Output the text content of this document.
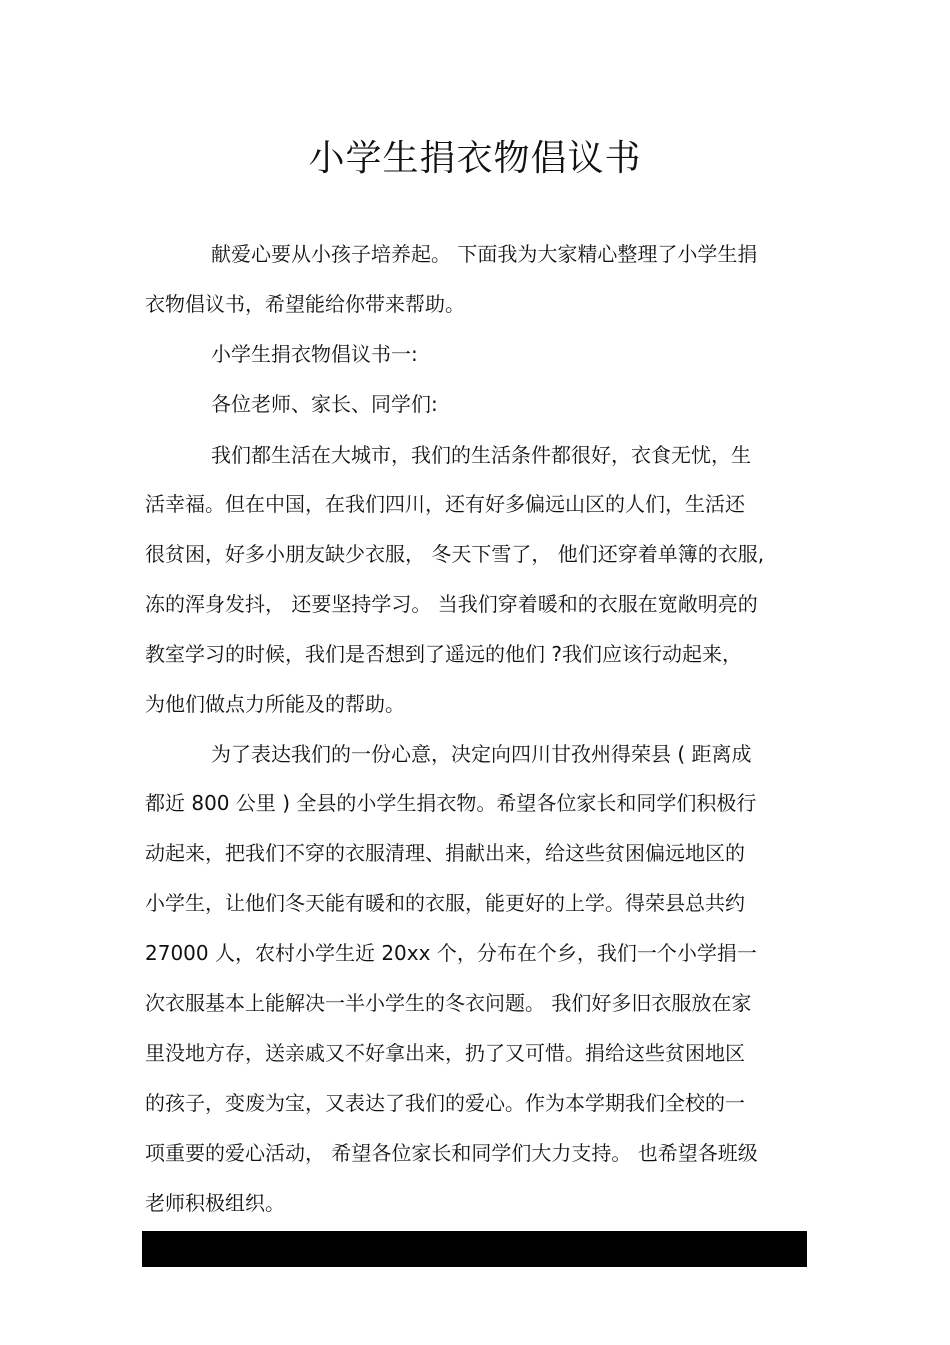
小学生捐衣物倡议书

献爱心要从小孩子培养起。 下面我为大家精心整理了小学生捐

衣物倡议书，希望能给你带来帮助。

小学生捐衣物倡议书一:

各位老师、家长、同学们:

我们都生活在大城市，我们的生活条件都很好，衣食无忧，生

活幸福。但在中国，在我们四川，还有好多偏远山区的人们，生活还

很贫困，好多小朋友缺少衣服， 冬天下雪了， 他们还穿着单簿的衣服,

冻的浑身发抖， 还要坚持学习。 当我们穿着暖和的衣服在宽敞明亮的

教室学习的时候，我们是否想到了遥远的他们 ?我们应该行动起来，

为他们做点力所能及的帮助。

为了表达我们的一份心意，决定向四川甘孜州得荣县 ( 距离成

都近 800 公里 ) 全县的小学生捐衣物。希望各位家长和同学们积极行

动起来，把我们不穿的衣服清理、捐献出来，给这些贫困偏远地区的

小学生，让他们冬天能有暖和的衣服，能更好的上学。得荣县总共约

27000 人，农村小学生近 20xx 个，分布在个乡，我们一个小学捐一

次衣服基本上能解决一半小学生的冬衣问题。 我们好多旧衣服放在家

里没地方存，送亲戚又不好拿出来，扔了又可惜。捐给这些贫困地区

的孩子，变废为宝，又表达了我们的爱心。作为本学期我们全校的一

项重要的爱心活动， 希望各位家长和同学们大力支持。 也希望各班级

老师积极组织。
